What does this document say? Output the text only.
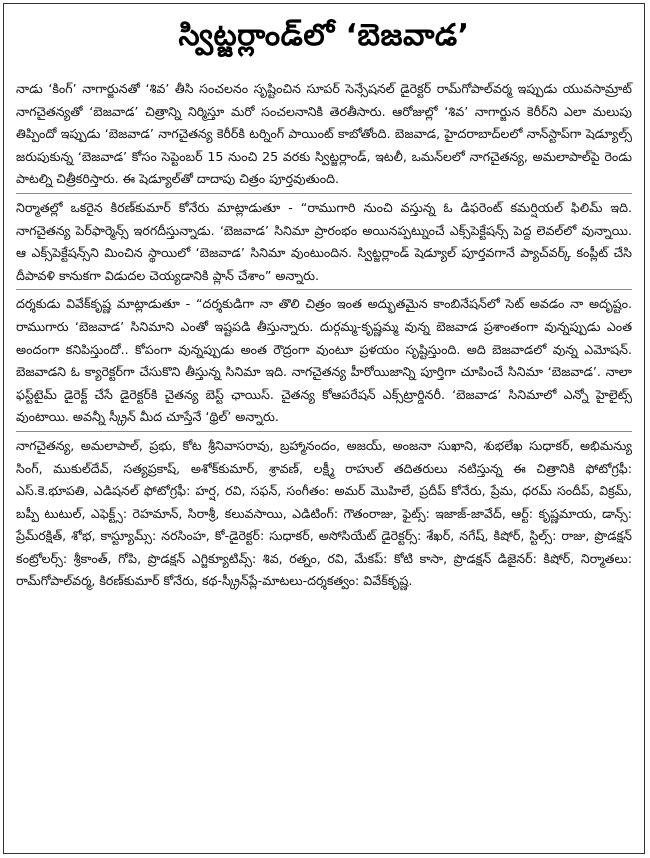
స్విట్జర్లాండ్‌లో ‘బెజవాడ’

నాడు ‘కింగ్‌’ నాగార్జునతో ‘శివ’ తీసి సంచలనం సృష్టించిన సూపర్‌ సెన్సేషనల్‌ డైరెక్టర్‌ రామ్‌గోపాల్‌వర్మ ఇప్పుడు యువసామ్రాట్‌ నాగచైతన్యతో ‘బెజవాడ’ చిత్రాన్ని నిర్మిస్తూ మరో సంచలనానికి తెరతీసారు. ఆరోజుల్లో ‘శివ’ నాగార్జున కెరీర్‌ని ఎలా మలుపు తిప్పిందో ఇప్పుడు ‘బెజవాడ’ నాగచైతన్య కెరీర్‌కి టర్నింగ్‌ పాయింట్‌ కాబోతోంది. బెజవాడ, హైదరాబాద్‌లలో నాన్‌స్టాప్‌గా షెడ్యూల్స్‌ జరుపుకున్న ‘బెజవాడ’ కోసం సెప్టెంబర్‌ 15 నుంచి 25 వరకు స్విట్జర్లాండ్‌, ఇటలీ, ఒమన్‌లలో నాగచైతన్య, అమలాపాల్‌పై రెండు పాటల్ని చిత్రీకరిస్తారు. ఈ షెడ్యూల్‌తో దాదాపు చిత్రం పూర్తవుతుంది.

నిర్మాతల్లో ఒకరైన కిరణ్‌కుమార్‌ కోనేరు మాట్లాడుతూ - “రాముగారి నుంచి వస్తున్న ఓ డిఫరెంట్‌ కమర్షియల్‌ ఫిలిమ్‌ ఇది. నాగచైతన్య పెర్‌ఫార్మెన్స్‌ ఇరగదీస్తున్నాడు. ‘బెజవాడ’ సినిమా ప్రారంభం అయినప్పట్నుంచే ఎక్స్‌పెక్టేషన్స్‌ పెద్ద లెవల్‌లో వున్నాయి. ఆ ఎక్స్‌పెక్టేషన్స్‌ని మించిన స్థాయిలో ‘బెజవాడ’ సినిమా వుంటుందిన. స్విట్జర్లాండ్‌ షెడ్యూల్‌ పూర్తవగానే ప్యాచ్‌వర్క్‌ కంప్లీట్‌ చేసి దీపావళి కానుకగా విడుదల చెయ్యడానికి ప్లాన్‌ చేశాం” అన్నారు.

దర్శకుడు వివేక్‌కృష్ణ మాట్లాడుతూ - “దర్శకుడిగా నా తొలి చిత్రం ఇంత అద్భుతమైన కాంబినేషన్‌లో సెట్‌ అవడం నా అదృష్టం. రాముగారు ‘బెజవాడ’ సినిమాని ఎంతో ఇష్టపడి తీస్తున్నారు. దుర్గమ్మ-కృష్ణమ్మ వున్న బెజవాడ ప్రశాంతంగా వున్నప్పుడు ఎంత అందంగా కనిపిస్తుందో.. కోపంగా వున్నప్పుడు అంత రౌద్రంగా వుంటూ ప్రళయం సృష్టిస్తుంది. అది బెజవాడలో వున్న ఎమోషన్‌. బెజవాడని ఓ క్యారెక్టర్‌గా చేసుకొని తీస్తున్న సినిమా ఇది. నాగచైతన్య హీరోయిజాన్ని పూర్తిగా చూపించే సినిమా ‘బెజవాడ’. నాలా ఫస్ట్‌టైమ్‌ డైరెక్ట్‌ చేసే డైరెక్టర్‌కి చైతన్య బెస్ట్‌ ఛాయిస్‌. చైతన్య కోఆపరేషన్‌ ఎక్స్‌ట్రార్డినరీ. ‘బెజవాడ’ సినిమాలో ఎన్నో హైలైట్స్‌ వుంటాయి. అవన్నీ స్క్రీన్‌ మీద చూస్తేనే ‘థ్రిల్‌’ అన్నారు.

నాగచైతన్య, అమలాపాల్‌, ప్రభు, కోట శ్రీనివాసరావు, బ్రహ్మానందం, అజయ్‌, అంజనా సుఖాని, శుభలేఖ సుధాకర్‌, అభిమన్యు సింగ్‌, ముకుల్‌దేవ్‌, సత్యప్రకాష్‌, అశోక్‌కుమార్‌, శ్రావణ్‌, లక్ష్మీ రాహుల్‌ తదితరులు నటిస్తున్న ఈ చిత్రానికి ఫోటోగ్రఫీ: ఎస్‌.కె.భూపతి, ఎడిషనల్‌ ఫోటోగ్రఫీ: హర్ష, రవి, సఫన్‌, సంగీతం: అమర్‌ మొహిలే, ప్రదీప్‌ కోనేరు, ప్రేమ, ధరమ్‌ సందీప్‌, విక్రమ్‌, బప్పీ టుటుల్‌, ఎఫెక్ట్స్‌: రెహమాన్‌, సిరాశ్రీ, కలువసాయి, ఎడిటింగ్‌: గౌతంరాజు, ఫైట్స్‌: ఇజాజ్‌-జావేద్‌, ఆర్ట్‌: కృష్ణమాయ, డాన్స్‌: ప్రేమ్‌రక్షిత్‌, శోభ, కాస్ట్యూమ్స్‌: నరసింహ, కో-డైరెక్టర్‌: సుధాకర్‌, అసోసియేట్‌ డైరెక్టర్స్‌: శేఖర్‌, నగేష్‌, కిషోర్‌, స్టిల్స్‌: రాజు, ప్రొడక్షన్‌ కంట్రోలర్స్‌: శ్రీకాంత్‌, గోపి, ప్రొడక్షన్‌ ఎగ్జిక్యూటివ్స్‌: శివ, రత్నం, రవి, మేకప్‌: కోటి కాసా, ప్రొడక్షన్‌ డిజైనర్‌: కిషోర్‌, నిర్మాతలు: రామ్‌గోపాల్‌వర్మ, కిరణ్‌కుమార్‌ కోనేరు, కథ-స్క్రీన్‌ప్లే-మాటలు-దర్శకత్వం: వివేక్‌కృష్ణ.
